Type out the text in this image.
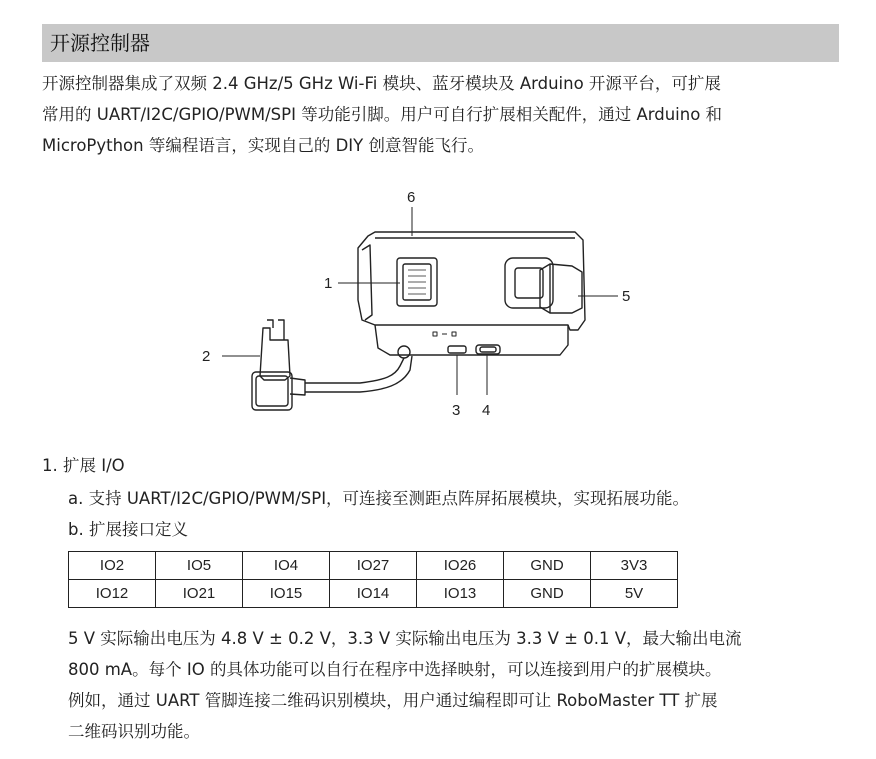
开源控制器
开源控制器集成了双频 2.4 GHz/5 GHz Wi-Fi 模块、蓝牙模块及 Arduino 开源平台，可扩展
常用的 UART/I2C/GPIO/PWM/SPI 等功能引脚。用户可自行扩展相关配件，通过 Arduino 和
MicroPython 等编程语言，实现自己的 DIY 创意智能飞行。
1
2
3 4
5
6
1. 扩展 I/O
a. 支持 UART/I2C/GPIO/PWM/SPI，可连接至测距点阵屏拓展模块，实现拓展功能。
b. 扩展接口定义
IO2	IO5	IO4	IO27	IO26	GND	3V3
IO12	IO21	IO15	IO14	IO13	GND	5V
5 V 实际输出电压为 4.8 V ± 0.2 V，3.3 V 实际输出电压为 3.3 V ± 0.1 V，最大输出电流
800 mA。每个 IO 的具体功能可以自行在程序中选择映射，可以连接到用户的扩展模块。
例如，通过 UART 管脚连接二维码识别模块，用户通过编程即可让 RoboMaster TT 扩展
二维码识别功能。
